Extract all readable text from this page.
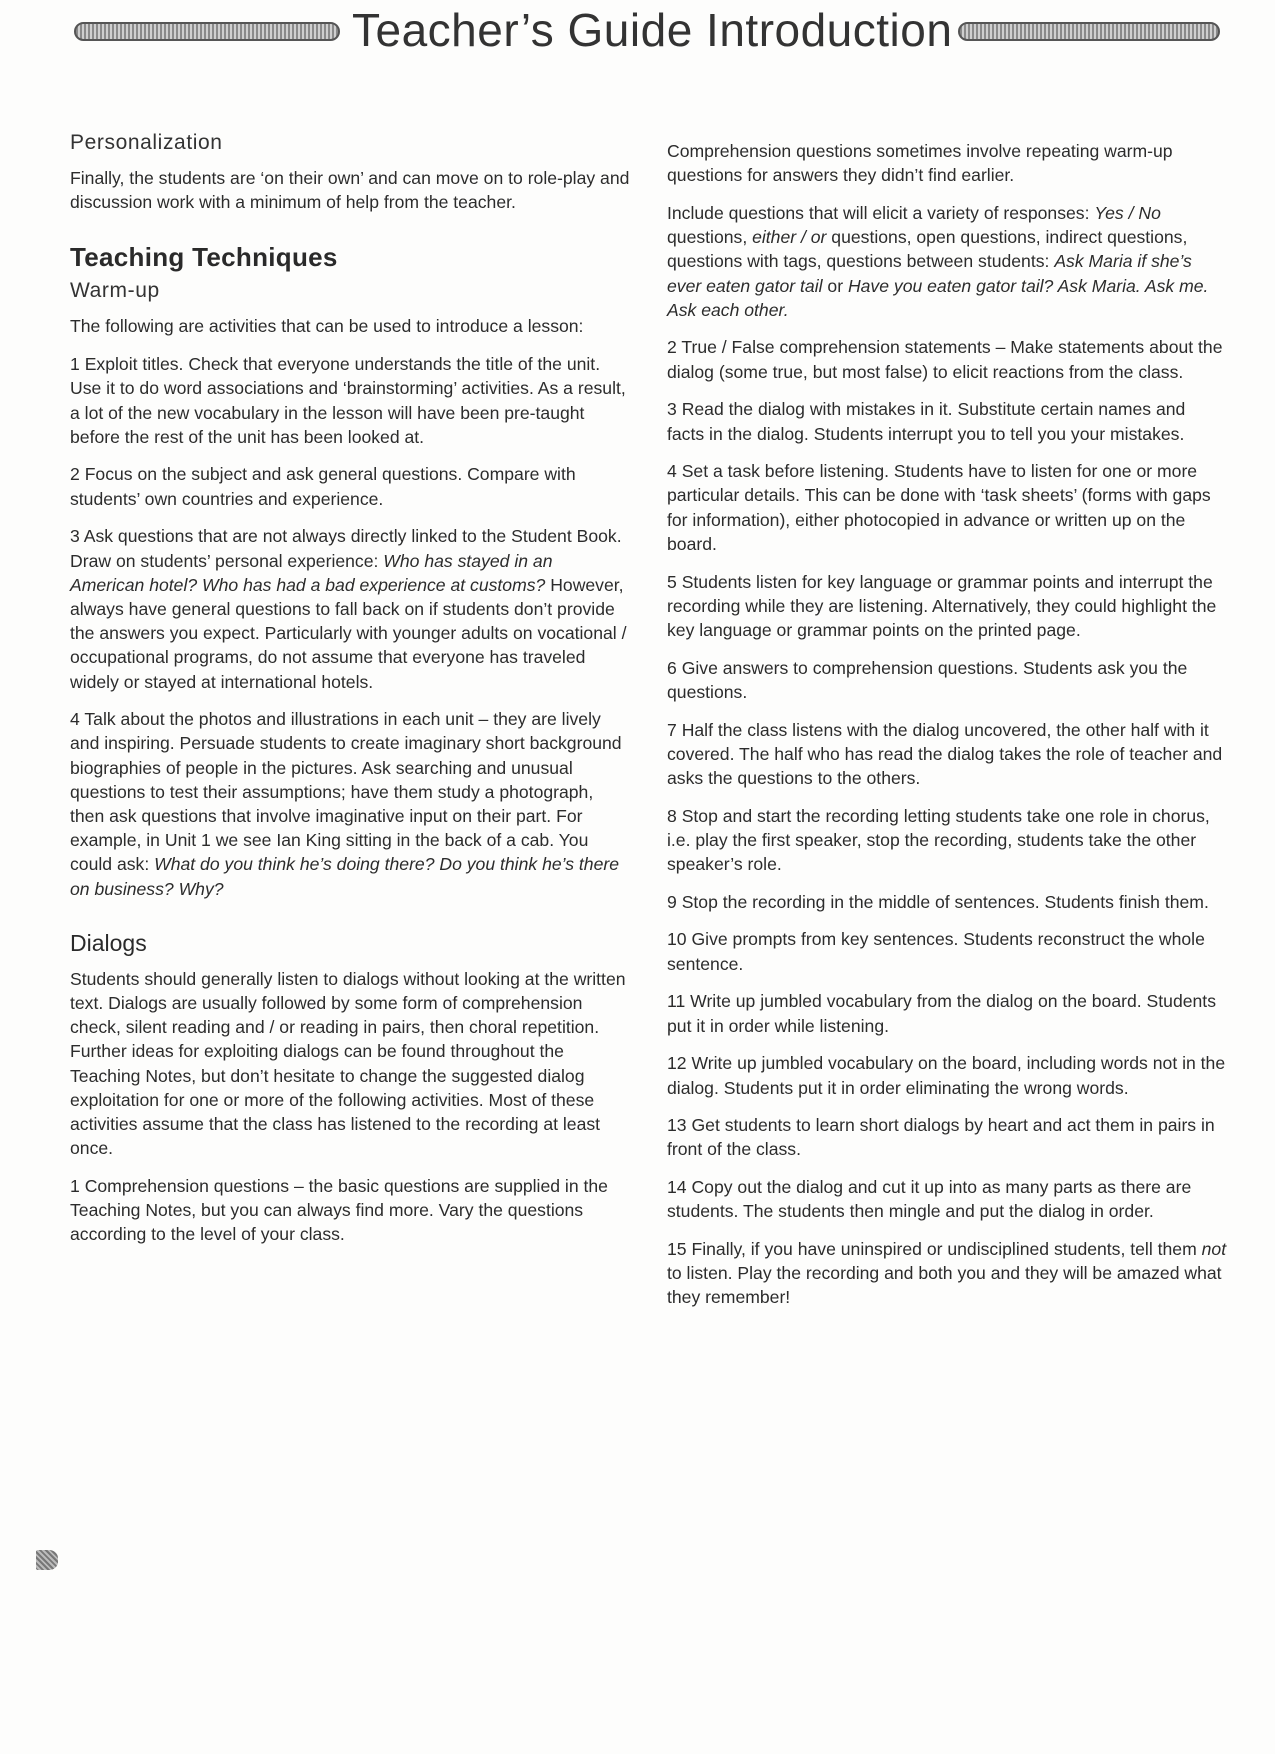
Teacher’s Guide Introduction
Personalization

Finally, the students are ‘on their own’ and can move on to role-play and discussion work with a minimum of help from the teacher.

Teaching Techniques
Warm-up

The following are activities that can be used to introduce a lesson:

1 Exploit titles. Check that everyone understands the title of the unit. Use it to do word associations and ‘brainstorming’ activities. As a result, a lot of the new vocabulary in the lesson will have been pre-taught before the rest of the unit has been looked at.

2 Focus on the subject and ask general questions. Compare with students’ own countries and experience.

3 Ask questions that are not always directly linked to the Student Book. Draw on students’ personal experience: Who has stayed in an American hotel? Who has had a bad experience at customs? However, always have general questions to fall back on if students don’t provide the answers you expect. Particularly with younger adults on vocational / occupational programs, do not assume that everyone has traveled widely or stayed at international hotels.

4 Talk about the photos and illustrations in each unit – they are lively and inspiring. Persuade students to create imaginary short background biographies of people in the pictures. Ask searching and unusual questions to test their assumptions; have them study a photograph, then ask questions that involve imaginative input on their part. For example, in Unit 1 we see Ian King sitting in the back of a cab. You could ask: What do you think he’s doing there? Do you think he’s there on business? Why?

Dialogs

Students should generally listen to dialogs without looking at the written text. Dialogs are usually followed by some form of comprehension check, silent reading and / or reading in pairs, then choral repetition. Further ideas for exploiting dialogs can be found throughout the Teaching Notes, but don’t hesitate to change the suggested dialog exploitation for one or more of the following activities. Most of these activities assume that the class has listened to the recording at least once.

1 Comprehension questions – the basic questions are supplied in the Teaching Notes, but you can always find more. Vary the questions according to the level of your class.

Comprehension questions sometimes involve repeating warm-up questions for answers they didn’t find earlier.

Include questions that will elicit a variety of responses: Yes / No questions, either / or questions, open questions, indirect questions, questions with tags, questions between students: Ask Maria if she’s ever eaten gator tail or Have you eaten gator tail? Ask Maria. Ask me. Ask each other.

2 True / False comprehension statements – Make statements about the dialog (some true, but most false) to elicit reactions from the class.

3 Read the dialog with mistakes in it. Substitute certain names and facts in the dialog. Students interrupt you to tell you your mistakes.

4 Set a task before listening. Students have to listen for one or more particular details. This can be done with ‘task sheets’ (forms with gaps for information), either photocopied in advance or written up on the board.

5 Students listen for key language or grammar points and interrupt the recording while they are listening. Alternatively, they could highlight the key language or grammar points on the printed page.

6 Give answers to comprehension questions. Students ask you the questions.

7 Half the class listens with the dialog uncovered, the other half with it covered. The half who has read the dialog takes the role of teacher and asks the questions to the others.

8 Stop and start the recording letting students take one role in chorus, i.e. play the first speaker, stop the recording, students take the other speaker’s role.

9 Stop the recording in the middle of sentences. Students finish them.

10 Give prompts from key sentences. Students reconstruct the whole sentence.

11 Write up jumbled vocabulary from the dialog on the board. Students put it in order while listening.

12 Write up jumbled vocabulary on the board, including words not in the dialog. Students put it in order eliminating the wrong words.

13 Get students to learn short dialogs by heart and act them in pairs in front of the class.

14 Copy out the dialog and cut it up into as many parts as there are students. The students then mingle and put the dialog in order.

15 Finally, if you have uninspired or undisciplined students, tell them not to listen. Play the recording and both you and they will be amazed what they remember!
